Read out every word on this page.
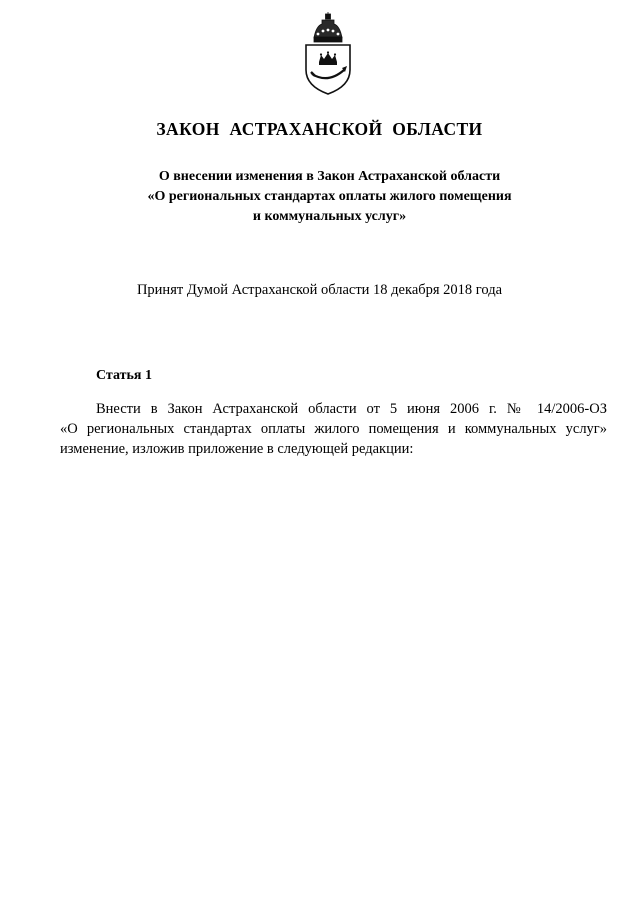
ЗАКОН АСТРАХАНСКОЙ ОБЛАСТИ
О внесении изменения в Закон Астраханской области
«О региональных стандартах оплаты жилого помещения
и коммунальных услуг»

Принят Думой Астраханской области 18 декабря 2018 года

Статья 1
Внести в Закон Астраханской области от 5 июня 2006 г. № 14/2006-ОЗ
«О региональных стандартах оплаты жилого помещения и коммунальных услуг»
изменение, изложив приложение в следующей редакции:
